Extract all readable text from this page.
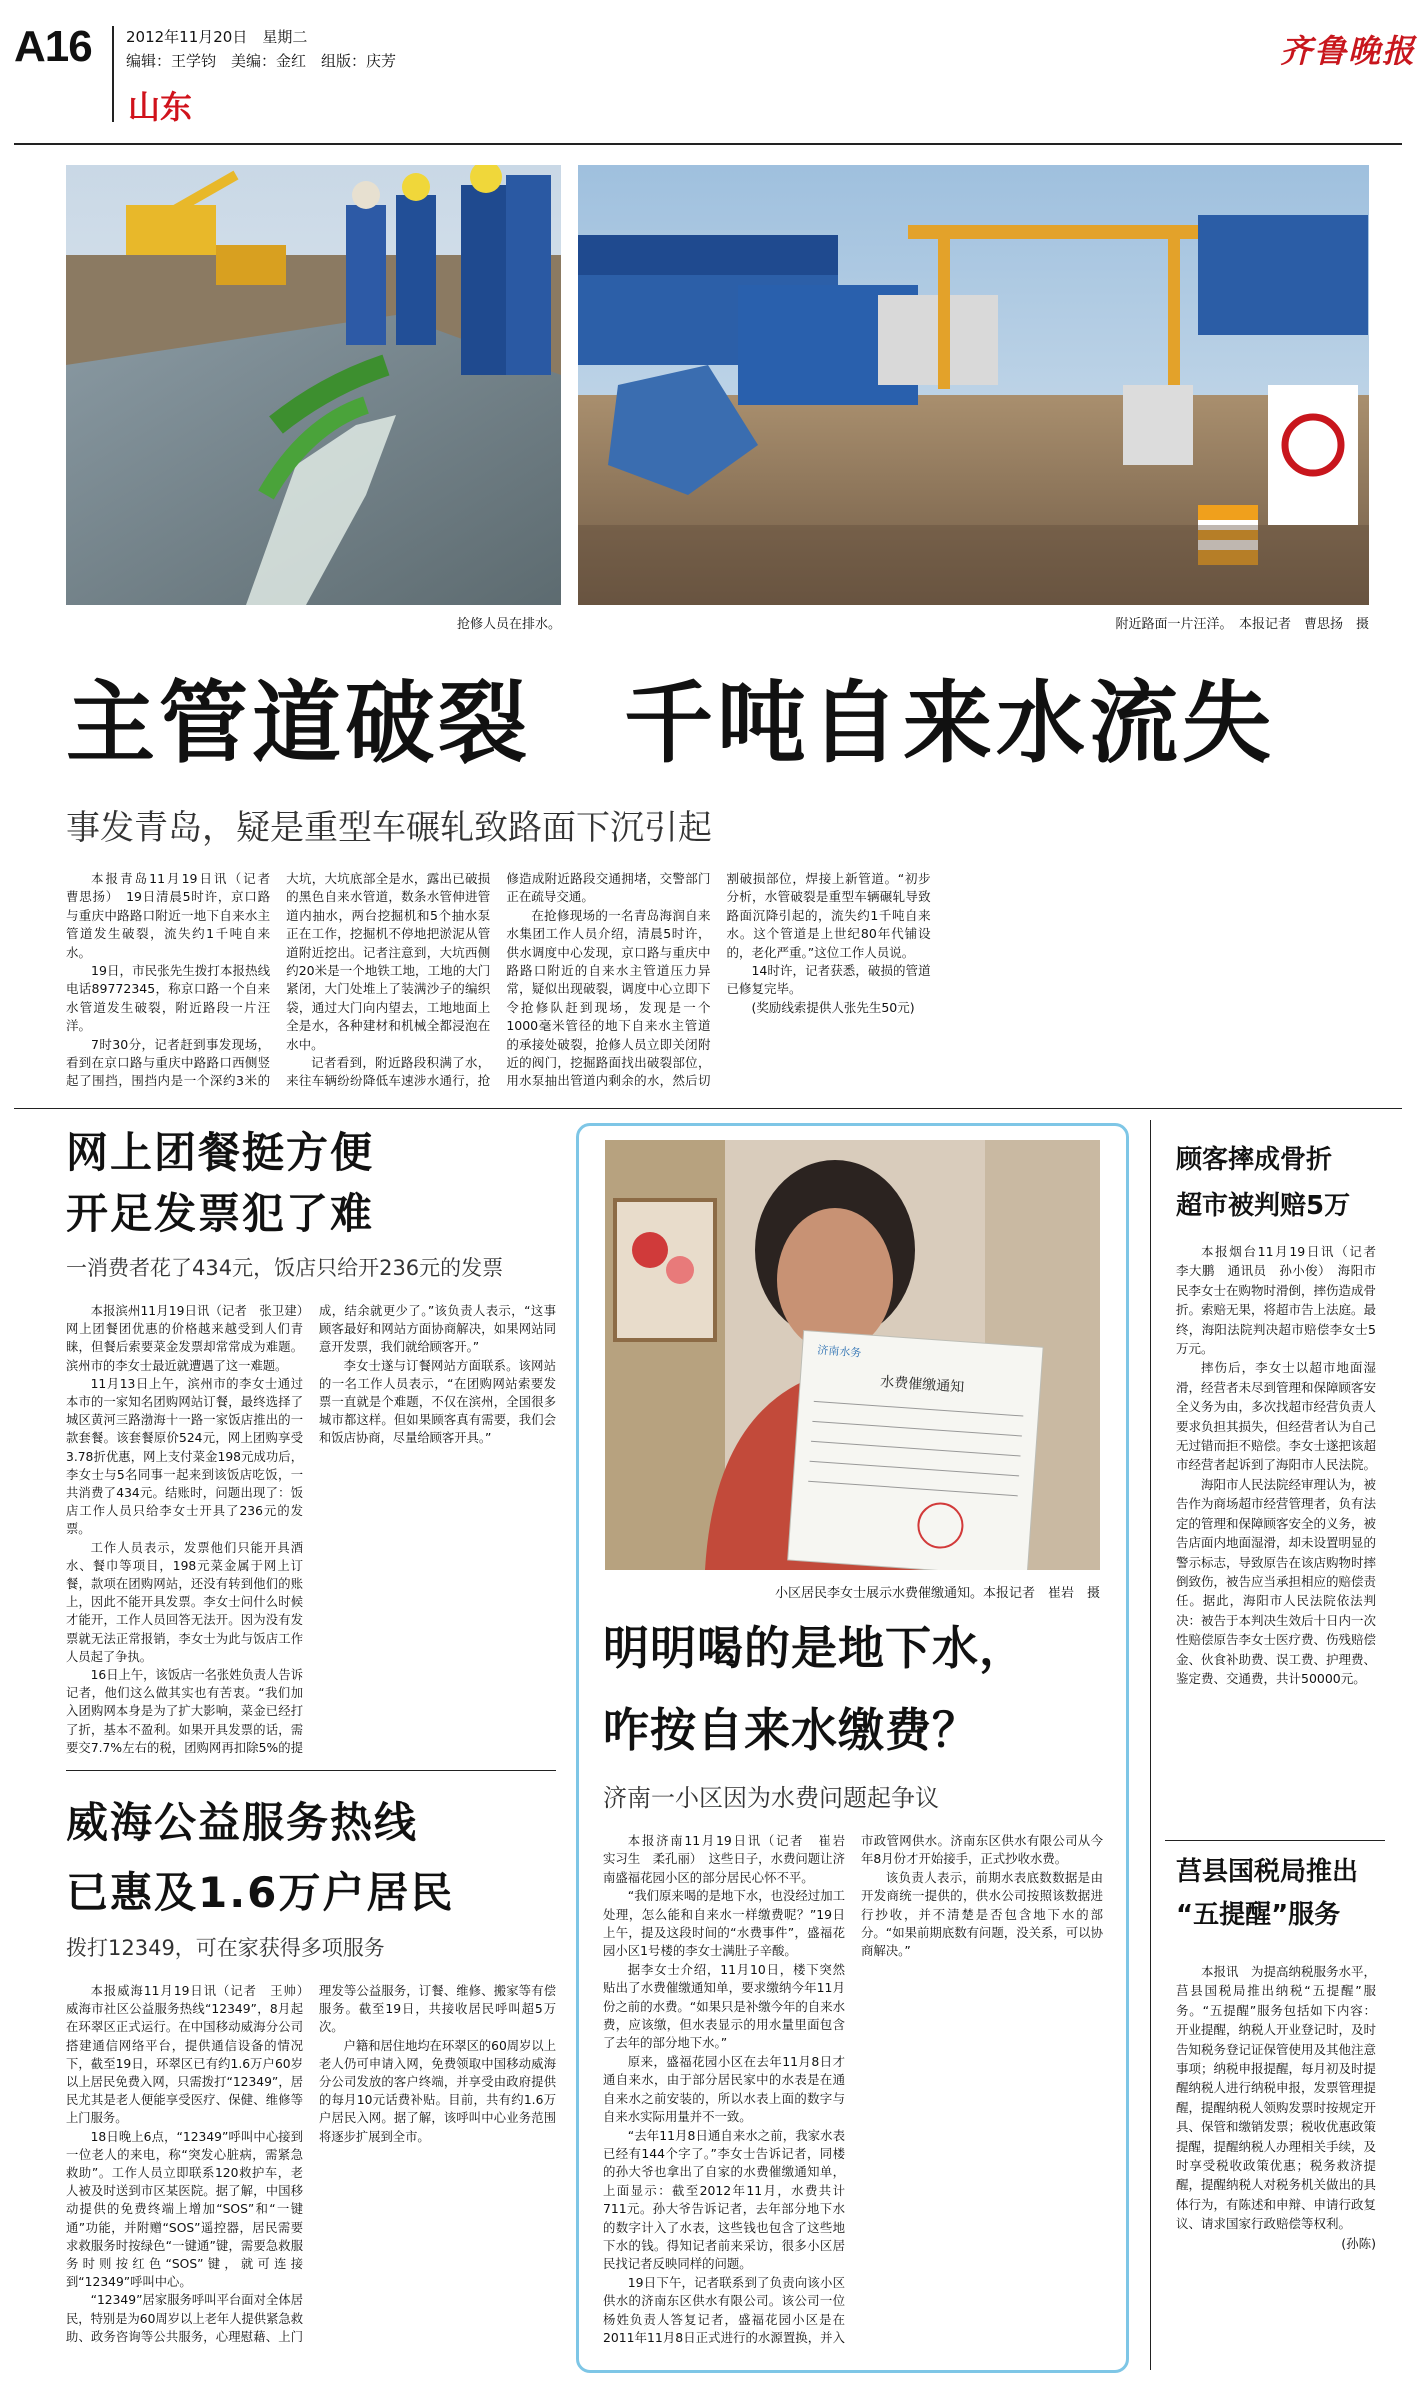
A16 2012年11月20日　星期二
编辑：王学钧　美编：金红　组版：庆芳
山东
齐鲁晚报
抢修人员在排水。	附近路面一片汪洋。　本报记者　曹思扬　摄
主管道破裂　千吨自来水流失
事发青岛，疑是重型车碾轧致路面下沉引起

本报青岛11月19日讯（记者　曹思扬）　19日清晨5时许，京口路与重庆中路路口附近一地下自来水主管道发生破裂，流失约1千吨自来水。

19日，市民张先生拨打本报热线电话89772345，称京口路一个自来水管道发生破裂，附近路段一片汪洋。

7时30分，记者赶到事发现场，看到在京口路与重庆中路路口西侧竖起了围挡，围挡内是一个深约3米的大坑，大坑底部全是水，露出已破损的黑色自来水管道，数条水管伸进管道内抽水，两台挖掘机和5个抽水泵正在工作，挖掘机不停地把淤泥从管道附近挖出。记者注意到，大坑西侧约20米是一个地铁工地，工地的大门紧闭，大门处堆上了装满沙子的编织袋，通过大门向内望去，工地地面上全是水，各种建材和机械全都浸泡在水中。

记者看到，附近路段积满了水，来往车辆纷纷降低车速涉水通行，抢修造成附近路段交通拥堵，交警部门正在疏导交通。

在抢修现场的一名青岛海润自来水集团工作人员介绍，清晨5时许，供水调度中心发现，京口路与重庆中路路口附近的自来水主管道压力异常，疑似出现破裂，调度中心立即下令抢修队赶到现场，发现是一个1000毫米管径的地下自来水主管道的承接处破裂，抢修人员立即关闭附近的阀门，挖掘路面找出破裂部位，用水泵抽出管道内剩余的水，然后切割破损部位，焊接上新管道。“初步分析，水管破裂是重型车辆碾轧导致路面沉降引起的，流失约1千吨自来水。这个管道是上世纪80年代铺设的，老化严重。”这位工作人员说。

14时许，记者获悉，破损的管道已修复完毕。

(奖励线索提供人张先生50元)

网上团餐挺方便
开足发票犯了难
一消费者花了434元，饭店只给开236元的发票

本报滨州11月19日讯（记者　张卫建）　网上团餐团优惠的价格越来越受到人们青睐，但餐后索要菜金发票却常常成为难题。滨州市的李女士最近就遭遇了这一难题。

11月13日上午，滨州市的李女士通过本市的一家知名团购网站订餐，最终选择了城区黄河三路渤海十一路一家饭店推出的一款套餐。该套餐原价524元，网上团购享受3.78折优惠，网上支付菜金198元成功后，李女士与5名同事一起来到该饭店吃饭，一共消费了434元。结账时，问题出现了：饭店工作人员只给李女士开具了236元的发票。

工作人员表示，发票他们只能开具酒水、餐巾等项目，198元菜金属于网上订餐，款项在团购网站，还没有转到他们的账上，因此不能开具发票。李女士问什么时候才能开，工作人员回答无法开。因为没有发票就无法正常报销，李女士为此与饭店工作人员起了争执。

16日上午，该饭店一名张姓负责人告诉记者，他们这么做其实也有苦衷。“我们加入团购网本身是为了扩大影响，菜金已经打了折，基本不盈利。如果开具发票的话，需要交7.7%左右的税，团购网再扣除5%的提成，结余就更少了。”该负责人表示，“这事顾客最好和网站方面协商解决，如果网站同意开发票，我们就给顾客开。”

李女士遂与订餐网站方面联系。该网站的一名工作人员表示，“在团购网站索要发票一直就是个难题，不仅在滨州，全国很多城市都这样。但如果顾客真有需要，我们会和饭店协商，尽量给顾客开具。”

威海公益服务热线
已惠及1.6万户居民
拨打12349，可在家获得多项服务

本报威海11月19日讯（记者　王帅）　威海市社区公益服务热线“12349”，8月起在环翠区正式运行。在中国移动威海分公司搭建通信网络平台，提供通信设备的情况下，截至19日，环翠区已有约1.6万户60岁以上居民免费入网，只需拨打“12349”，居民尤其是老人便能享受医疗、保健、维修等上门服务。

18日晚上6点，“12349”呼叫中心接到一位老人的来电，称“突发心脏病，需紧急救助”。工作人员立即联系120救护车，老人被及时送到市区某医院。据了解，中国移动提供的免费终端上增加“SOS”和“一键通”功能，并附赠“SOS”遥控器，居民需要求救服务时按绿色“一键通”键，需要急救服务时则按红色“SOS”键，就可连接到“12349”呼叫中心。

“12349”居家服务呼叫平台面对全体居民，特别是为60周岁以上老年人提供紧急救助、政务咨询等公共服务，心理慰藉、上门理发等公益服务，订餐、维修、搬家等有偿服务。截至19日，共接收居民呼叫超5万次。

户籍和居住地均在环翠区的60周岁以上老人仍可申请入网，免费领取中国移动威海分公司发放的客户终端，并享受由政府提供的每月10元话费补贴。目前，共有约1.6万户居民入网。据了解，该呼叫中心业务范围将逐步扩展到全市。

济南水务
水费催缴通知
小区居民李女士展示水费催缴通知。本报记者　崔岩　摄
明明喝的是地下水，
咋按自来水缴费？
济南一小区因为水费问题起争议

本报济南11月19日讯（记者　崔岩　实习生　柔孔丽）　这些日子，水费问题让济南盛福花园小区的部分居民心怀不平。

“我们原来喝的是地下水，也没经过加工处理，怎么能和自来水一样缴费呢？”19日上午，提及这段时间的“水费事件”，盛福花园小区1号楼的李女士满肚子辛酸。

据李女士介绍，11月10日，楼下突然贴出了水费催缴通知单，要求缴纳今年11月份之前的水费。“如果只是补缴今年的自来水费，应该缴，但水表显示的用水量里面包含了去年的部分地下水。”

原来，盛福花园小区在去年11月8日才通自来水，由于部分居民家中的水表是在通自来水之前安装的，所以水表上面的数字与自来水实际用量并不一致。

“去年11月8日通自来水之前，我家水表已经有144个字了。”李女士告诉记者，同楼的孙大爷也拿出了自家的水费催缴通知单，上面显示：截至2012年11月，水费共计711元。孙大爷告诉记者，去年部分地下水的数字计入了水表，这些钱也包含了这些地下水的钱。得知记者前来采访，很多小区居民找记者反映同样的问题。

19日下午，记者联系到了负责向该小区供水的济南东区供水有限公司。该公司一位杨姓负责人答复记者，盛福花园小区是在2011年11月8日正式进行的水源置换，并入市政管网供水。济南东区供水有限公司从今年8月份才开始接手，正式抄收水费。

该负责人表示，前期水表底数数据是由开发商统一提供的，供水公司按照该数据进行抄收，并不清楚是否包含地下水的部分。“如果前期底数有问题，没关系，可以协商解决。”

顾客摔成骨折
超市被判赔5万

本报烟台11月19日讯（记者　李大鹏　通讯员　孙小俊）　海阳市民李女士在购物时滑倒，摔伤造成骨折。索赔无果，将超市告上法庭。最终，海阳法院判决超市赔偿李女士5万元。

摔伤后，李女士以超市地面湿滑，经营者未尽到管理和保障顾客安全义务为由，多次找超市经营负责人要求负担其损失，但经营者认为自己无过错而拒不赔偿。李女士遂把该超市经营者起诉到了海阳市人民法院。

海阳市人民法院经审理认为，被告作为商场超市经营管理者，负有法定的管理和保障顾客安全的义务，被告店面内地面湿滑，却未设置明显的警示标志，导致原告在该店购物时摔倒致伤，被告应当承担相应的赔偿责任。据此，海阳市人民法院依法判决：被告于本判决生效后十日内一次性赔偿原告李女士医疗费、伤残赔偿金、伙食补助费、误工费、护理费、鉴定费、交通费，共计50000元。

莒县国税局推出
“五提醒”服务

本报讯　为提高纳税服务水平，莒县国税局推出纳税“五提醒”服务。“五提醒”服务包括如下内容：开业提醒，纳税人开业登记时，及时告知税务登记证保管使用及其他注意事项；纳税申报提醒，每月初及时提醒纳税人进行纳税申报，发票管理提醒，提醒纳税人领购发票时按规定开具、保管和缴销发票；税收优惠政策提醒，提醒纳税人办理相关手续，及时享受税收政策优惠；税务救济提醒，提醒纳税人对税务机关做出的具体行为，有陈述和申辩、申请行政复议、请求国家行政赔偿等权利。

(孙陈)
